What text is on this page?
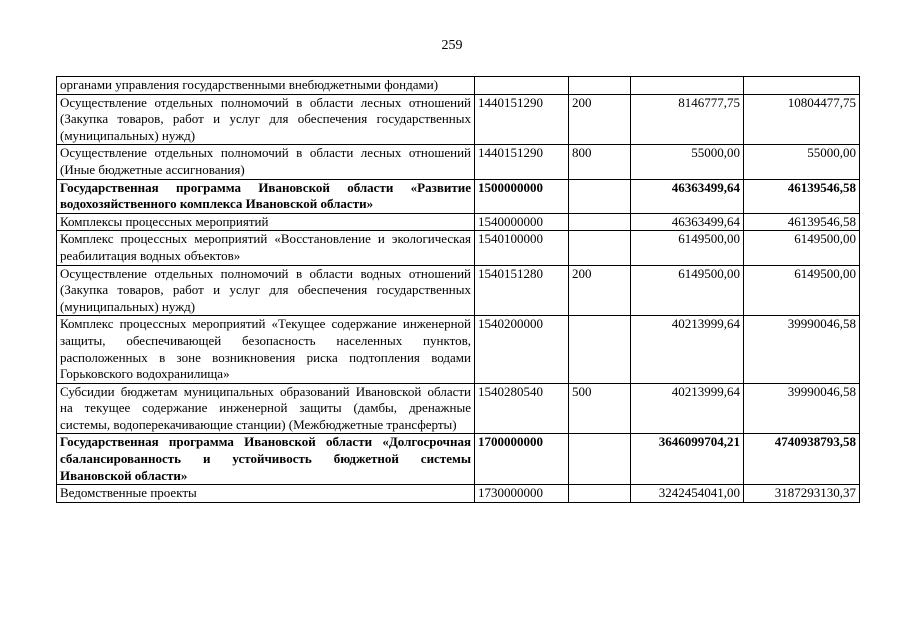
259
органами управления государственными внебюджетными фондами)				
Осуществление отдельных полномочий в области лесных отношений (Закупка товаров, работ и услуг для обеспечения государственных (муниципальных) нужд)	1440151290	200	8146777,75	10804477,75
Осуществление отдельных полномочий в области лесных отношений (Иные бюджетные ассигнования)	1440151290	800	55000,00	55000,00
Государственная программа Ивановской области «Развитие водохозяйственного комплекса Ивановской области»	1500000000		46363499,64	46139546,58
Комплексы процессных мероприятий	1540000000		46363499,64	46139546,58
Комплекс процессных мероприятий «Восстановление и экологическая реабилитация водных объектов»	1540100000		6149500,00	6149500,00
Осуществление отдельных полномочий в области водных отношений (Закупка товаров, работ и услуг для обеспечения государственных (муниципальных) нужд)	1540151280	200	6149500,00	6149500,00
Комплекс процессных мероприятий «Текущее содержание инженерной защиты, обеспечивающей безопасность населенных пунктов, расположенных в зоне возникновения риска подтопления водами Горьковского водохранилища»	1540200000		40213999,64	39990046,58
Субсидии бюджетам муниципальных образований Ивановской области на текущее содержание инженерной защиты (дамбы, дренажные системы, водоперекачивающие станции) (Межбюджетные трансферты)	1540280540	500	40213999,64	39990046,58
Государственная программа Ивановской области «Долгосрочная сбалансированность и устойчивость бюджетной системы Ивановской области»	1700000000		3646099704,21	4740938793,58
Ведомственные проекты	1730000000		3242454041,00	3187293130,37
